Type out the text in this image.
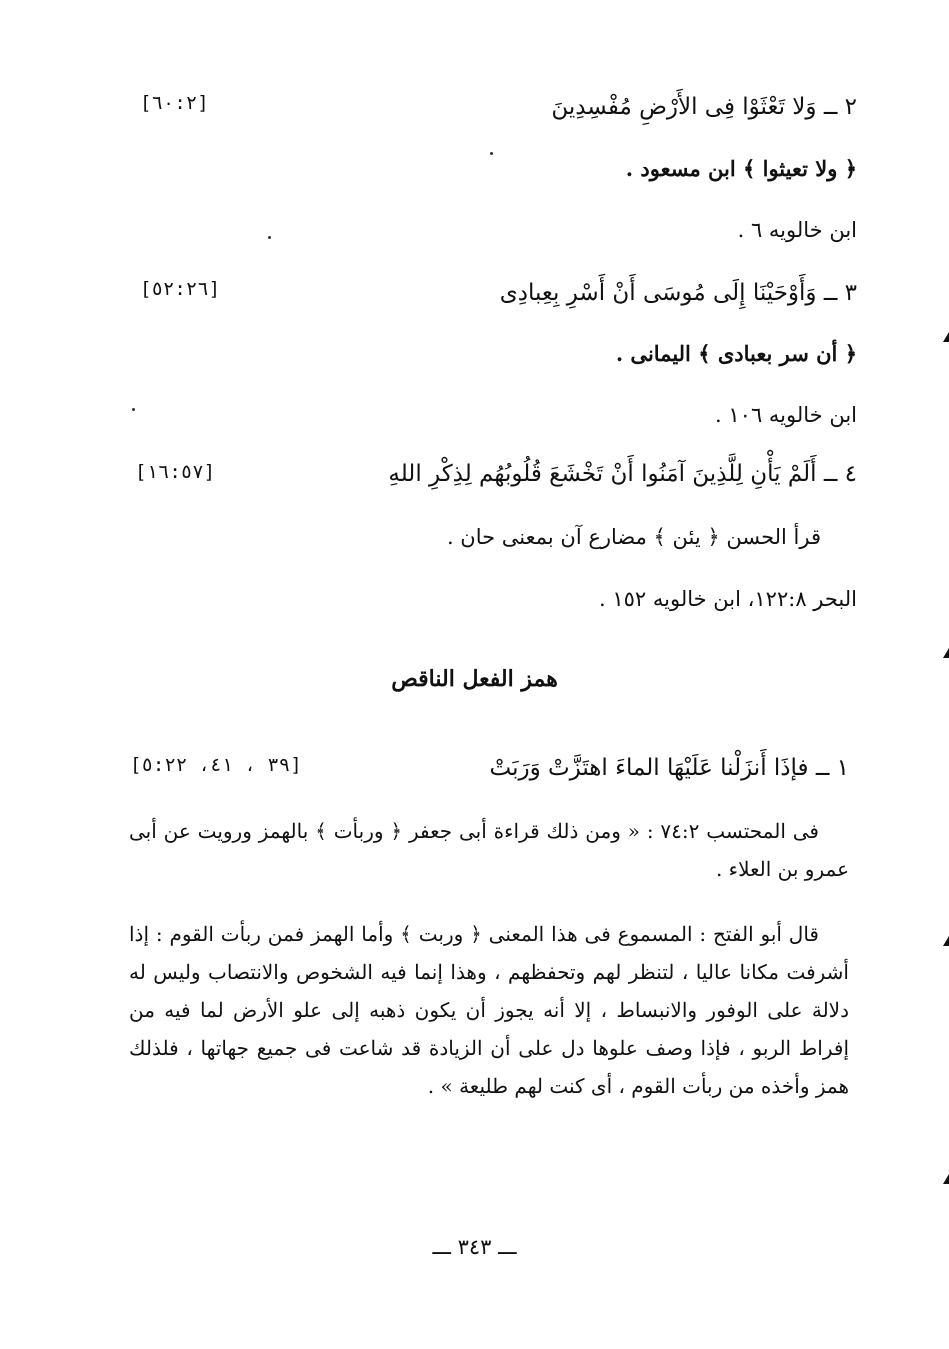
٢ ــ وَلا تَعْثَوْا فِى الأَرْضِ مُفْسِدِينَ
[٦٠:٢]
﴿ ولا تعيثوا ﴾ ابن مسعود .
ابن خالويه ٦ .
٣ ــ وَأَوْحَيْنَا إِلَى مُوسَى أَنْ أَسْرِ بِعِبادِى
[٥٢:٢٦]
﴿ أن سر بعبادى ﴾ اليمانى .
ابن خالويه ١٠٦ .
٤ ــ أَلَمْ يَأْنِ لِلَّذِينَ آمَنُوا أَنْ تَخْشَعَ قُلُوبُهُم لِذِكْرِ اللهِ
[١٦:٥٧]
قرأ الحسن ﴿ يئن ﴾ مضارع آن بمعنى حان .
البحر ١٢٢:٨، ابن خالويه ١٥٢ .
همز الفعل الناقص
١ ــ فإذَا أَنزَلْنا عَلَيْهَا الماءَ اهتَزَّتْ وَرَبَتْ
[٣٩ ، ٤١، ٥:٢٢]
فى المحتسب ٧٤:٢ : « ومن ذلك قراءة أبى جعفر ﴿ وربأت ﴾ بالهمز ورويت عن أبى عمرو بن العلاء .
قال أبو الفتح : المسموع فى هذا المعنى ﴿ وربت ﴾ وأما الهمز فمن ربأت القوم : إذا أشرفت مكانا عاليا ، لتنظر لهم وتحفظهم ، وهذا إنما فيه الشخوص والانتصاب وليس له دلالة على الوفور والانبساط ، إلا أنه يجوز أن يكون ذهبه إلى علو الأرض لما فيه من إفراط الربو ، فإذا وصف علوها دل على أن الزيادة قد شاعت فى جميع جهاتها ، فلذلك همز وأخذه من ربأت القوم ، أى كنت لهم طليعة » .
ـــ ٣٤٣ ـــ
